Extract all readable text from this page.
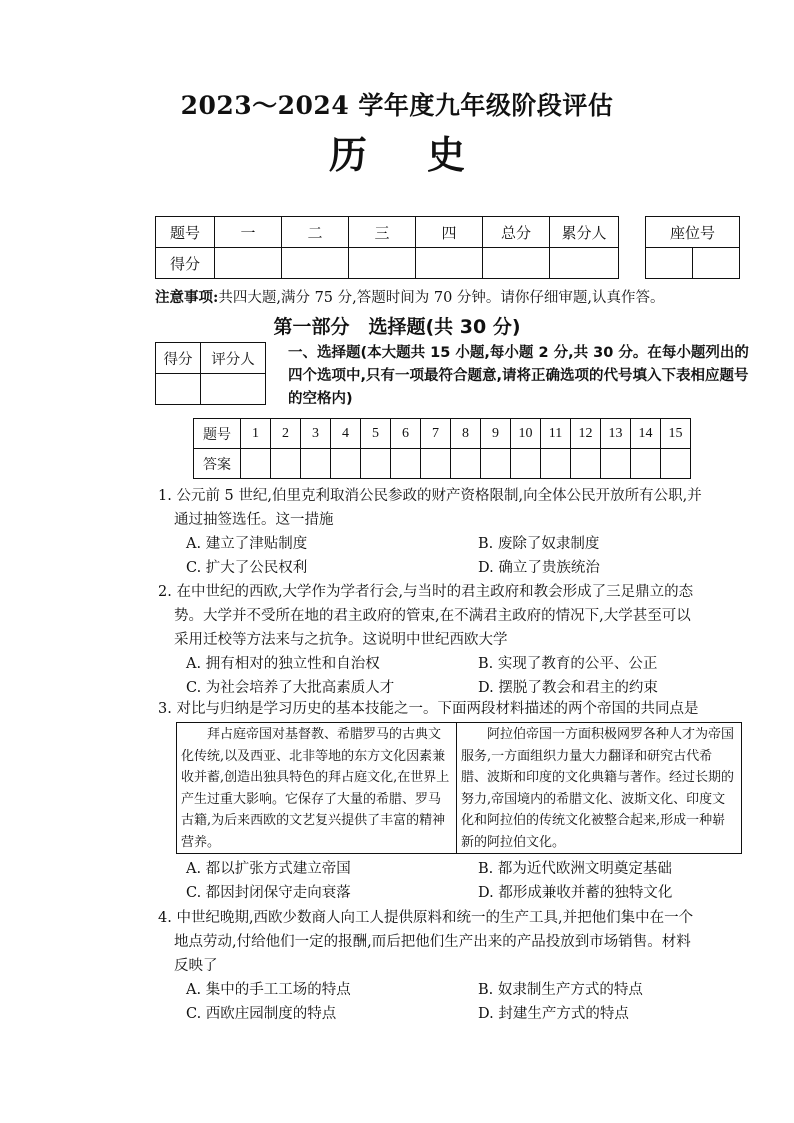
2023～2024 学年度九年级阶段评估
历史
题号	一	二	三	四	总分	累分人
得分						
座位号

注意事项:共四大题,满分 75 分,答题时间为 70 分钟。请你仔细审题,认真作答。
第一部分　选择题(共 30 分)
得分	评分人
	一、选择题(本大题共 15 小题,每小题 2 分,共 30 分。在每小题列出的四个选项中,只有一项最符合题意,请将正确选项的代号填入下表相应题号的空格内)
题号	1	2	3	4	5	6	7	8	9	10	11	12	13	14	15
答案															
1. 公元前 5 世纪,伯里克利取消公民参政的财产资格限制,向全体公民开放所有公职,并
通过抽签选任。这一措施
A. 建立了津贴制度	B. 废除了奴隶制度
C. 扩大了公民权利	D. 确立了贵族统治
2. 在中世纪的西欧,大学作为学者行会,与当时的君主政府和教会形成了三足鼎立的态
势。大学并不受所在地的君主政府的管束,在不满君主政府的情况下,大学甚至可以
采用迁校等方法来与之抗争。这说明中世纪西欧大学
A. 拥有相对的独立性和自治权	B. 实现了教育的公平、公正
C. 为社会培养了大批高素质人才	D. 摆脱了教会和君主的约束
3. 对比与归纳是学习历史的基本技能之一。下面两段材料描述的两个帝国的共同点是

拜占庭帝国对基督教、希腊罗马的古典文化传统,以及西亚、北非等地的东方文化因素兼收并蓄,创造出独具特色的拜占庭文化,在世界上产生过重大影响。它保存了大量的希腊、罗马古籍,为后来西欧的文艺复兴提供了丰富的精神营养。

阿拉伯帝国一方面积极网罗各种人才为帝国服务,一方面组织力量大力翻译和研究古代希腊、波斯和印度的文化典籍与著作。经过长期的努力,帝国境内的希腊文化、波斯文化、印度文化和阿拉伯的传统文化被整合起来,形成一种崭新的阿拉伯文化。

A. 都以扩张方式建立帝国	B. 都为近代欧洲文明奠定基础
C. 都因封闭保守走向衰落	D. 都形成兼收并蓄的独特文化
4. 中世纪晚期,西欧少数商人向工人提供原料和统一的生产工具,并把他们集中在一个
地点劳动,付给他们一定的报酬,而后把他们生产出来的产品投放到市场销售。材料
反映了
A. 集中的手工工场的特点	B. 奴隶制生产方式的特点
C. 西欧庄园制度的特点	D. 封建生产方式的特点
